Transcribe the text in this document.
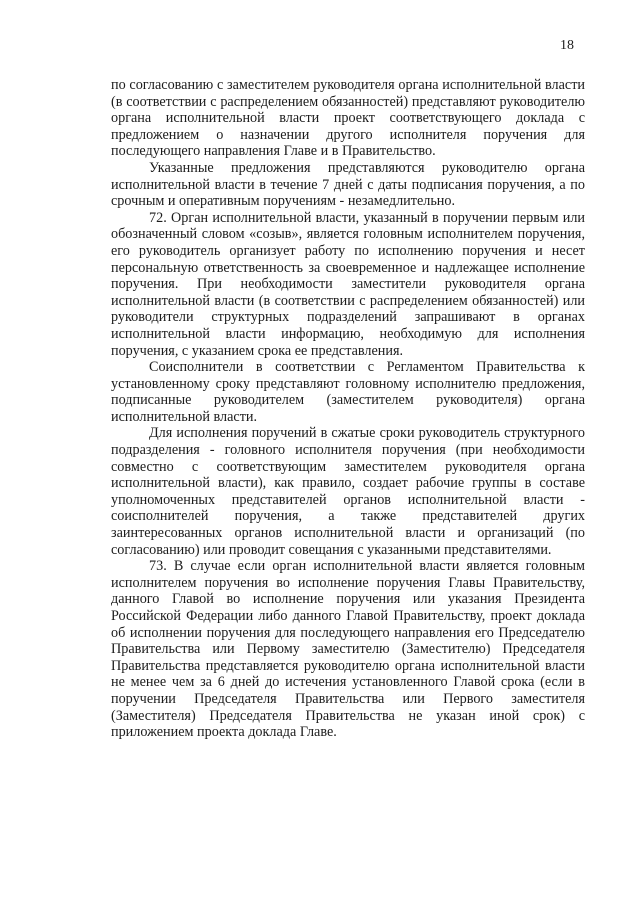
18

по согласованию с заместителем руководителя органа исполнительной власти (в соответствии с распределением обязанностей) представляют руководителю органа исполнительной власти проект соответствующего доклада с предложением о назначении другого исполнителя поручения для последующего направления Главе и в Правительство.

Указанные предложения представляются руководителю органа исполнительной власти в течение 7 дней с даты подписания поручения, а по срочным и оперативным поручениям - незамедлительно.

72. Орган исполнительной власти, указанный в поручении первым или обозначенный словом «созыв», является головным исполнителем поручения, его руководитель организует работу по исполнению поручения и несет персональную ответственность за своевременное и надлежащее исполнение поручения. При необходимости заместители руководителя органа исполнительной власти (в соответствии с распределением обязанностей) или руководители структурных подразделений запрашивают в органах исполнительной власти информацию, необходимую для исполнения поручения, с указанием срока ее представления.

Соисполнители в соответствии с Регламентом Правительства к установленному сроку представляют головному исполнителю предложения, подписанные руководителем (заместителем руководителя) органа исполнительной власти.

Для исполнения поручений в сжатые сроки руководитель структурного подразделения - головного исполнителя поручения (при необходимости совместно с соответствующим заместителем руководителя органа исполнительной власти), как правило, создает рабочие группы в составе уполномоченных представителей органов исполнительной власти - соисполнителей поручения, а также представителей других заинтересованных органов исполнительной власти и организаций (по согласованию) или проводит совещания с указанными представителями.

73. В случае если орган исполнительной власти является головным исполнителем поручения во исполнение поручения Главы Правительству, данного Главой во исполнение поручения или указания Президента Российской Федерации либо данного Главой Правительству, проект доклада об исполнении поручения для последующего направления его Председателю Правительства или Первому заместителю (Заместителю) Председателя Правительства представляется руководителю органа исполнительной власти не менее чем за 6 дней до истечения установленного Главой срока (если в поручении Председателя Правительства или Первого заместителя (Заместителя) Председателя Правительства не указан иной срок) с приложением проекта доклада Главе.
